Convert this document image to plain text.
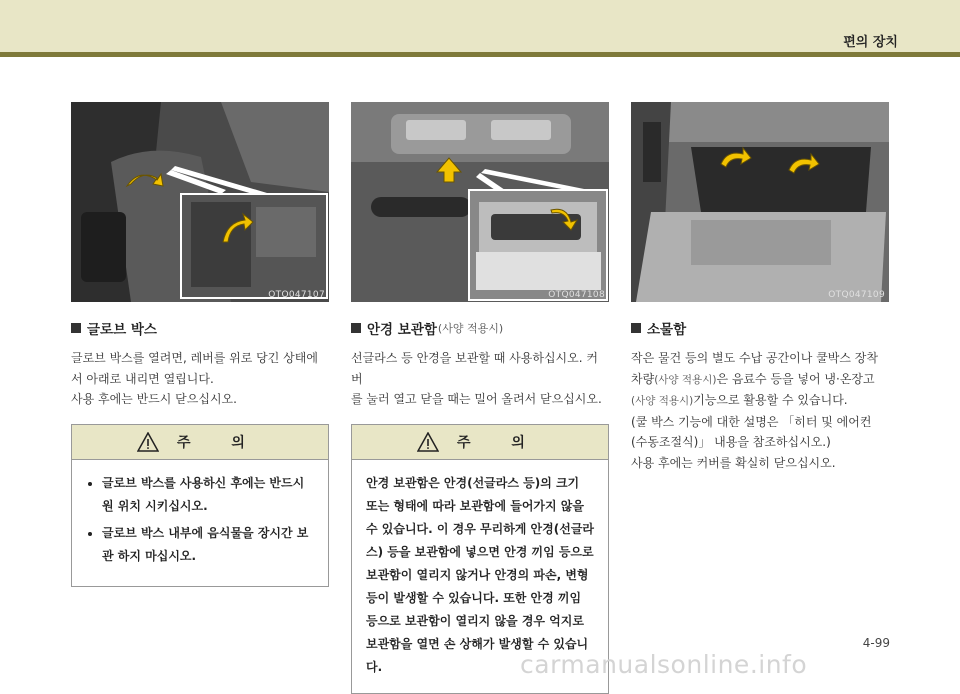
편의 장치
OTQ047107
글로브 박스

글로브 박스를 열려면, 레버를 위로 당긴 상태에

서 아래로 내리면 열립니다.

사용 후에는 반드시 닫으십시오.

주 의
• 글로브 박스를 사용하신 후에는 반드시 원 위치 시키십시오.
• 글로브 박스 내부에 음식물을 장시간 보관 하지 마십시오.
OTQ047108
안경 보관함 (사양 적용시)

선글라스 등 안경을 보관할 때 사용하십시오. 커버

를 눌러 열고 닫을 때는 밀어 올려서 닫으십시오.

주 의
안경 보관함은 안경(선글라스 등)의 크기 또는 형태에 따라 보관함에 들어가지 않을 수 있습니다. 이 경우 무리하게 안경(선글라스) 등을 보관함에 넣으면 안경 끼임 등으로 보관함이 열리지 않거나 안경의 파손, 변형 등이 발생할 수 있습니다. 또한 안경 끼임 등으로 보관함이 열리지 않을 경우 억지로 보관함을 열면 손 상해가 발생할 수 있습니다.
OTQ047109
소물함

작은 물건 등의 별도 수납 공간이나 쿨박스 장착

차량(사양 적용시)은 음료수 등을 넣어 냉·온장고

(사양 적용시)기능으로 활용할 수 있습니다.

(쿨 박스 기능에 대한 설명은 「히터 및 에어컨

(수동조절식)」 내용을 참조하십시오.)

사용 후에는 커버를 확실히 닫으십시오.

4-99
carmanualsonline.info
